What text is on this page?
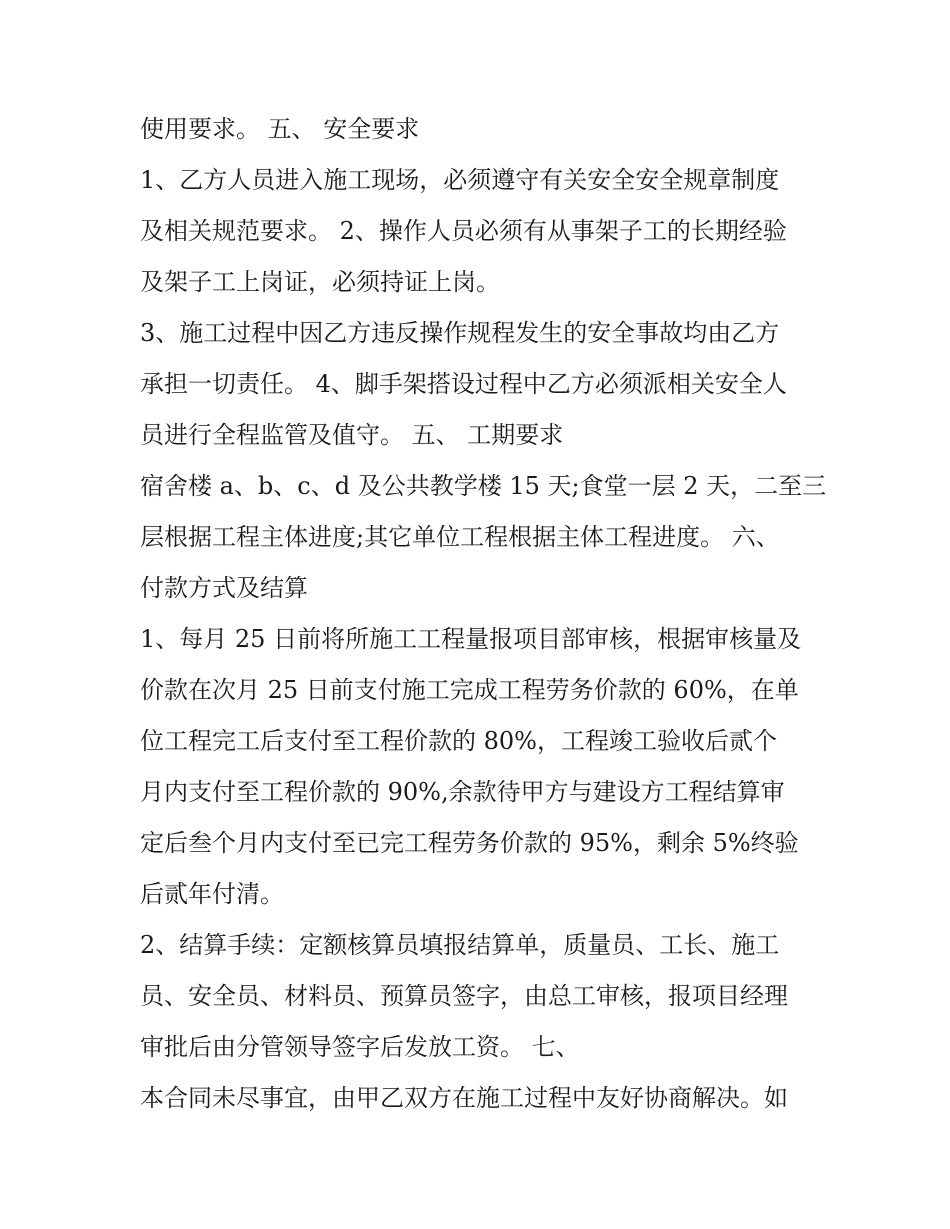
使用要求。 五、 安全要求
1、乙方人员进入施工现场，必须遵守有关安全安全规章制度
及相关规范要求。 2、操作人员必须有从事架子工的长期经验
及架子工上岗证，必须持证上岗。
3、施工过程中因乙方违反操作规程发生的安全事故均由乙方
承担一切责任。 4、脚手架搭设过程中乙方必须派相关安全人
员进行全程监管及值守。 五、 工期要求
宿舍楼 a、b、c、d 及公共教学楼 15 天;食堂一层 2 天，二至三
层根据工程主体进度;其它单位工程根据主体工程进度。 六、
付款方式及结算
1、每月 25 日前将所施工工程量报项目部审核，根据审核量及
价款在次月 25 日前支付施工完成工程劳务价款的 60%，在单
位工程完工后支付至工程价款的 80%，工程竣工验收后贰个
月内支付至工程价款的 90%,余款待甲方与建设方工程结算审
定后叁个月内支付至已完工程劳务价款的 95%，剩余 5%终验
后贰年付清。
2、结算手续：定额核算员填报结算单，质量员、工长、施工
员、安全员、材料员、预算员签字，由总工审核，报项目经理
审批后由分管领导签字后发放工资。 七、
本合同未尽事宜，由甲乙双方在施工过程中友好协商解决。如
